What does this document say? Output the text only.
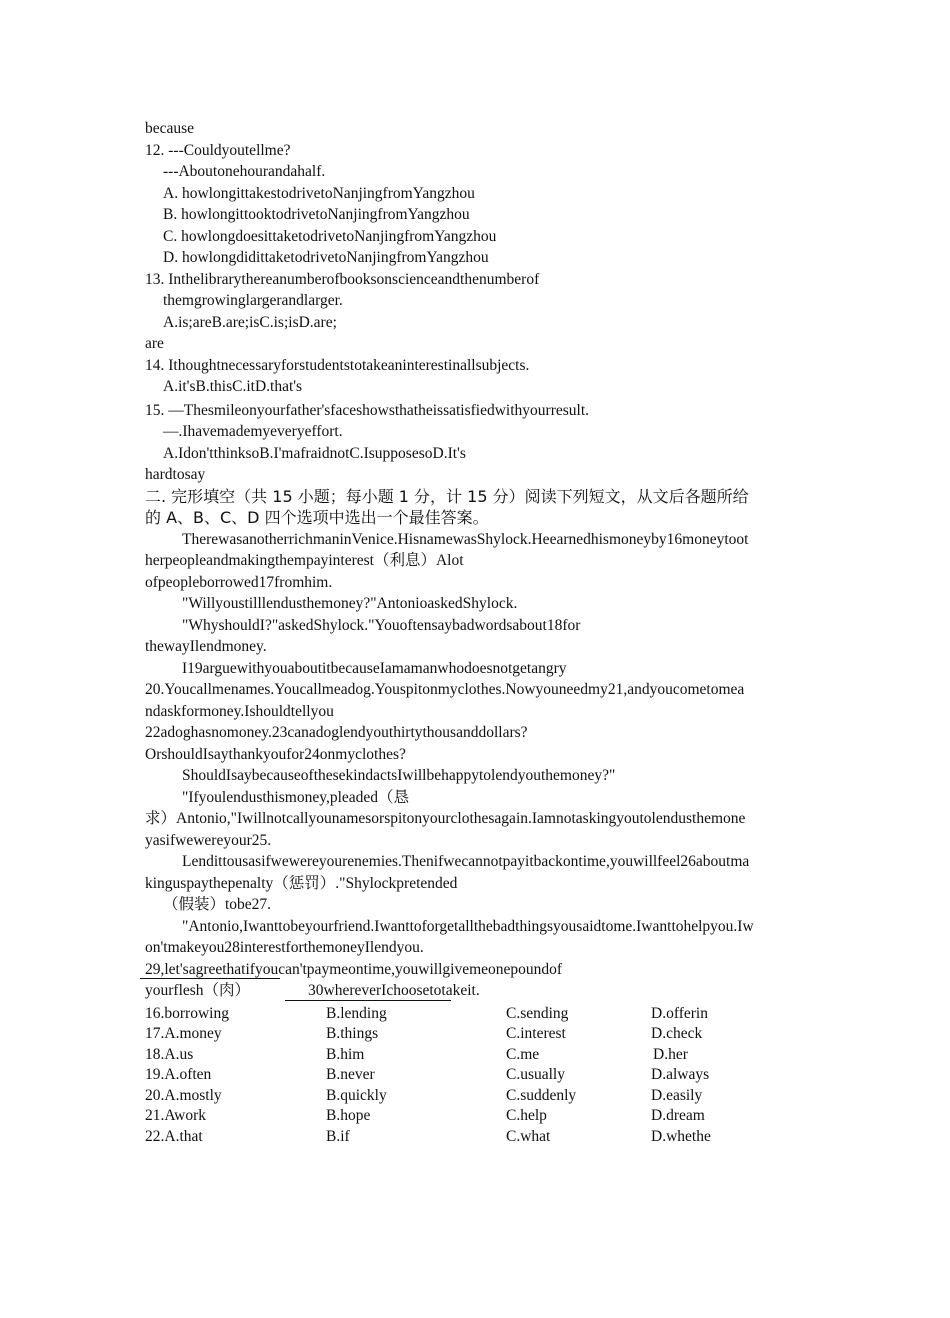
because
12. ---Couldyoutellme?
---Aboutonehourandahalf.
A. howlongittakestodrivetoNanjingfromYangzhou
B. howlongittooktodrivetoNanjingfromYangzhou
C. howlongdoesittaketodrivetoNanjingfromYangzhou
D. howlongdidittaketodrivetoNanjingfromYangzhou
13. Inthelibrarythereanumberofbooksonscienceandthenumberof
themgrowinglargerandlarger.
A.is;areB.are;isC.is;isD.are;
are
14. Ithoughtnecessaryforstudentstotakeaninterestinallsubjects.
A.it'sB.thisC.itD.that's
15. —Thesmileonyourfather'sfaceshowsthatheissatisfiedwithyourresult.
—.Ihavemademyeveryeffort.
A.Idon'tthinksoB.I'mafraidnotC.IsupposesoD.It's
hardtosay
二. 完形填空（共 15 小题；每小题 1 分，计 15 分）阅读下列短文，从文后各题所给
的 A、B、C、D 四个选项中选出一个最佳答案。
TherewasanotherrichmaninVenice.HisnamewasShylock.Heearnedhismoneyby16moneytoot
herpeopleandmakingthempayinterest（利息）Alot
ofpeopleborrowed17fromhim.
"Willyoustilllendusthemoney?"AntonioaskedShylock.
"WhyshouldI?"askedShylock."Youoftensaybadwordsabout18for
thewayIlendmoney.
I19arguewithyouaboutitbecauseIamamanwhodoesnotgetangry
20.Youcallmenames.Youcallmeadog.Youspitonmyclothes.Nowyouneedmy21,andyoucometomea
ndaskformoney.Ishouldtellyou
22adoghasnomoney.23canadoglendyouthirtythousanddollars?
OrshouldIsaythankyoufor24onmyclothes?
ShouldIsaybecauseofthesekindactsIwillbehappytolendyouthemoney?"
"Ifyoulendusthismoney,pleaded（恳
求）Antonio,"Iwillnotcallyounamesorspitonyourclothesagain.Iamnotaskingyoutolendusthemone
yasifwewereyour25.
Lendittousasifwewereyourenemies.Thenifwecannotpayitbackontime,youwillfeel26aboutma
kinguspaythepenalty（惩罚）."Shylockpretended
（假装）tobe27.
"Antonio,Iwanttobeyourfriend.Iwanttoforgetallthebadthingsyousaidtome.Iwanttohelpyou.Iw
on'tmakeyou28interestforthemoneyIlendyou.
29,let'sagreethatifyoucan'tpaymeontime,youwillgivemeonepoundof
yourflesh（肉）	30whereverIchoosetotakeit.
16.borrowing	B.lending	C.sending	D.offerin
17.A.money	B.things	C.interest	D.check
18.A.us	B.him	C.me	D.her
19.A.often	B.never	C.usually	D.always
20.A.mostly	B.quickly	C.suddenly	D.easily
21.Awork	B.hope	C.help	D.dream
22.A.that	B.if	C.what	D.whethe
